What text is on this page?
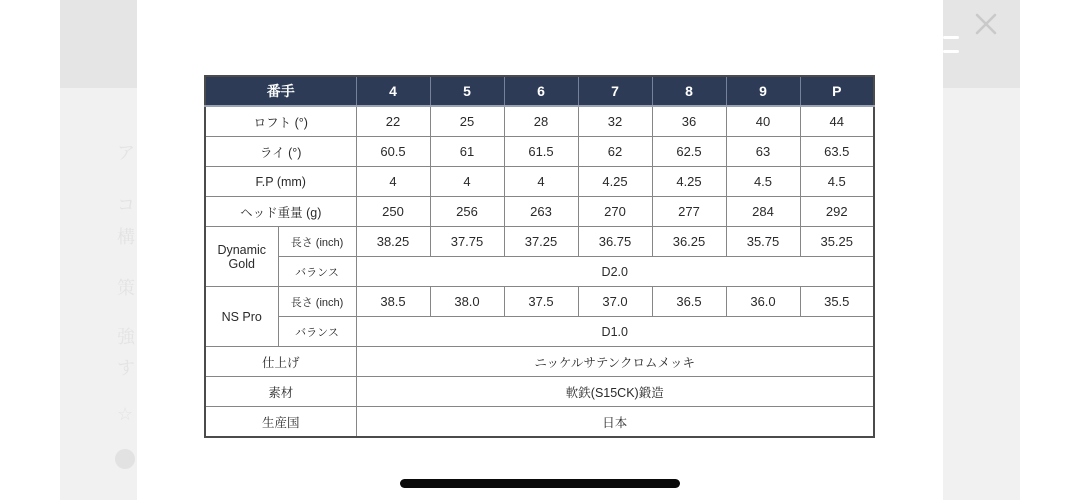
ア
コ
構
策
強
す
☆
番手		4	5	6	7	8	9	P
ロフト (°)		22	25	28	32	36	40	44
ライ (°)		60.5	61	61.5	62	62.5	63	63.5
F.P (mm)		4	4	4	4.25	4.25	4.5	4.5
ヘッド重量 (g)		250	256	263	270	277	284	292
Dynamic Gold	長さ (inch)	38.25	37.75	37.25	36.75	36.25	35.75	35.25
	バランス	D2.0						
NS Pro	長さ (inch)	38.5	38.0	37.5	37.0	36.5	36.0	35.5
	バランス	D1.0						
仕上げ		ニッケルサテンクロムメッキ						
素材		軟鉄(S15CK)鍛造						
生産国		日本						
